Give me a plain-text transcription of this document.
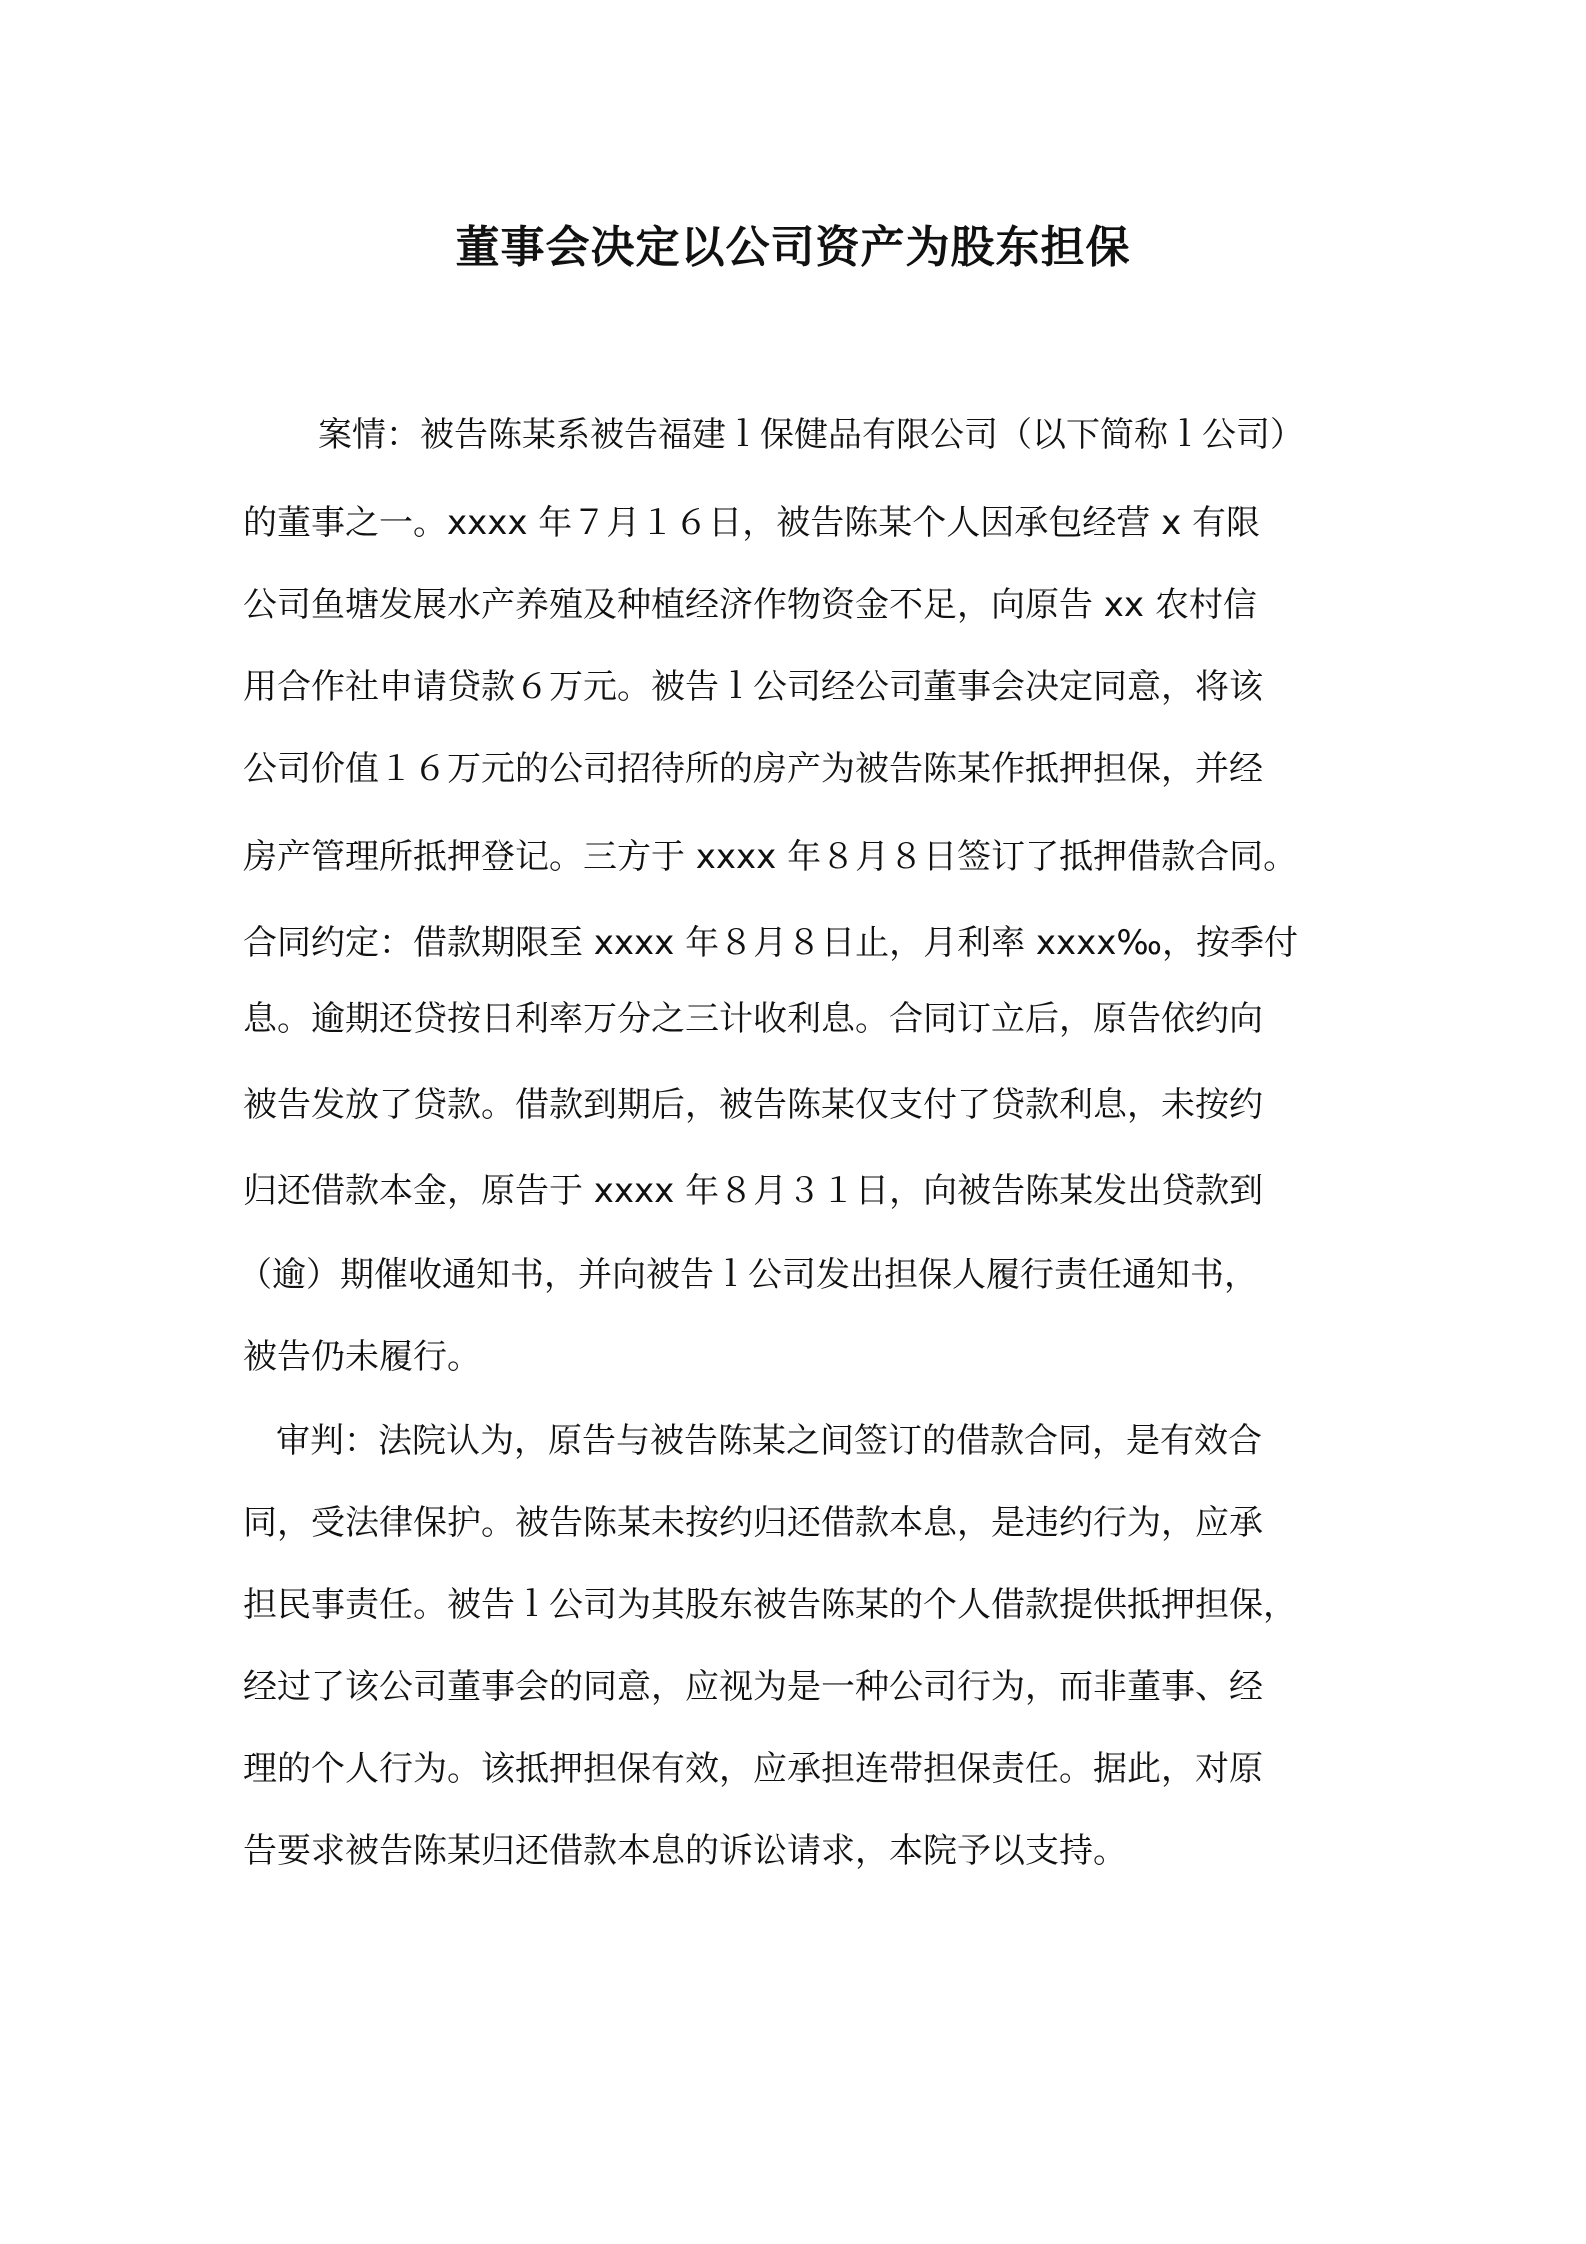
董事会决定以公司资产为股东担保

案情：被告陈某系被告福建ｌ保健品有限公司（以下简称ｌ公司）

的董事之一。xxxx 年７月１６日，被告陈某个人因承包经营 x 有限

公司鱼塘发展水产养殖及种植经济作物资金不足，向原告 xx 农村信

用合作社申请贷款６万元。被告ｌ公司经公司董事会决定同意，将该

公司价值１６万元的公司招待所的房产为被告陈某作抵押担保，并经

房产管理所抵押登记。三方于 xxxx 年８月８日签订了抵押借款合同。

合同约定：借款期限至 xxxx 年８月８日止，月利率 xxxx‰，按季付

息。逾期还贷按日利率万分之三计收利息。合同订立后，原告依约向

被告发放了贷款。借款到期后，被告陈某仅支付了贷款利息，未按约

归还借款本金，原告于 xxxx 年８月３１日，向被告陈某发出贷款到

（逾）期催收通知书，并向被告ｌ公司发出担保人履行责任通知书，

被告仍未履行。

审判：法院认为，原告与被告陈某之间签订的借款合同，是有效合

同，受法律保护。被告陈某未按约归还借款本息，是违约行为，应承

担民事责任。被告ｌ公司为其股东被告陈某的个人借款提供抵押担保，

经过了该公司董事会的同意，应视为是一种公司行为，而非董事、经

理的个人行为。该抵押担保有效，应承担连带担保责任。据此，对原

告要求被告陈某归还借款本息的诉讼请求，本院予以支持。
